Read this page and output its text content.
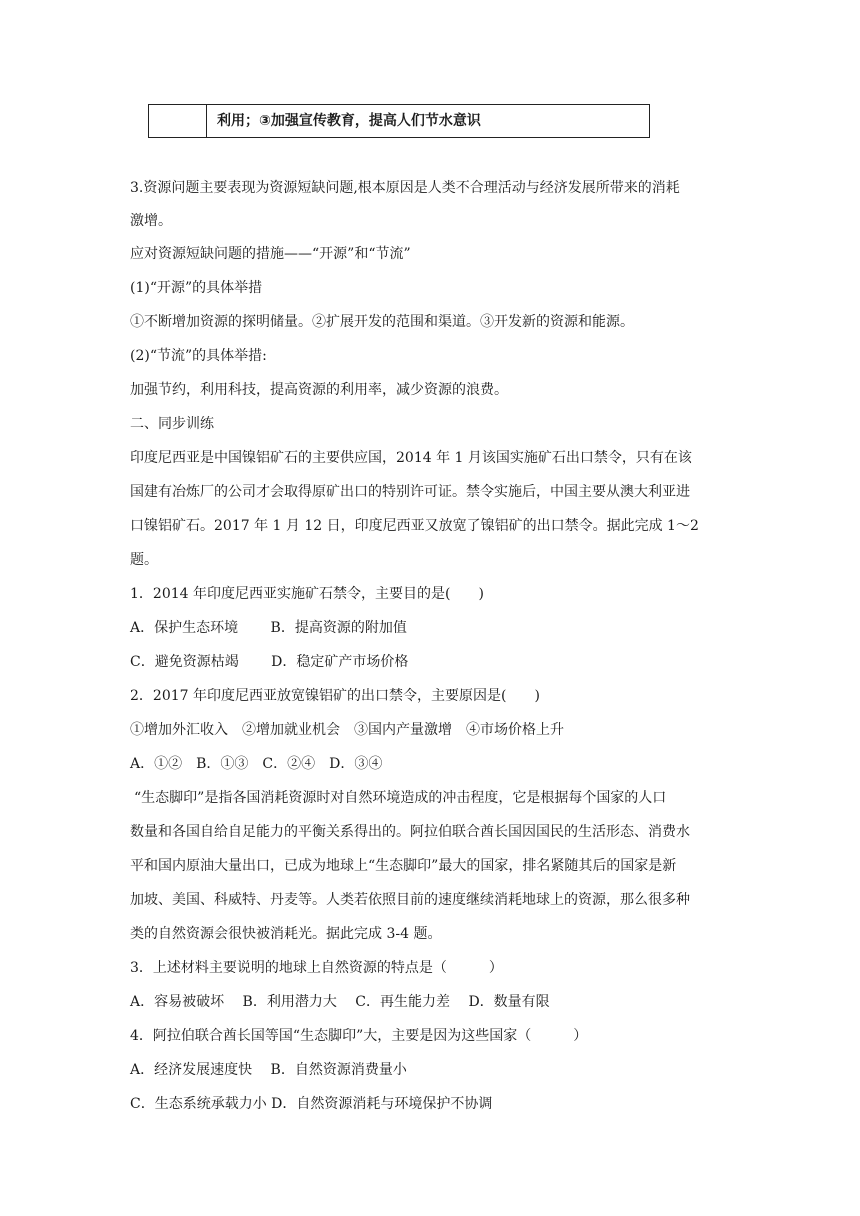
利用；③加强宣传教育，提高人们节水意识
3.资源问题主要表现为资源短缺问题,根本原因是人类不合理活动与经济发展所带来的消耗
激增。
应对资源短缺问题的措施——“开源”和“节流”
(1)“开源”的具体举措
①不断增加资源的探明储量。②扩展开发的范围和渠道。③开发新的资源和能源。
(2)“节流”的具体举措:
加强节约，利用科技，提高资源的利用率，减少资源的浪费。
二、同步训练
印度尼西亚是中国镍铝矿石的主要供应国，2014 年 1 月该国实施矿石出口禁令，只有在该
国建有冶炼厂的公司才会取得原矿出口的特别许可证。禁令实施后，中国主要从澳大利亚进
口镍铝矿石。2017 年 1 月 12 日，印度尼西亚又放宽了镍铝矿的出口禁令。据此完成 1～2
题。
1．2014 年印度尼西亚实施矿石禁令，主要目的是(　　)
A．保护生态环境　　 B．提高资源的附加值
C．避免资源枯竭　　 D．稳定矿产市场价格
2．2017 年印度尼西亚放宽镍铝矿的出口禁令，主要原因是(　　)
①增加外汇收入　②增加就业机会　③国内产量激增　④市场价格上升
A．①②　B．①③　C．②④　D．③④
“生态脚印”是指各国消耗资源时对自然环境造成的冲击程度，它是根据每个国家的人口
数量和各国自给自足能力的平衡关系得出的。阿拉伯联合酋长国因国民的生活形态、消费水
平和国内原油大量出口，已成为地球上“生态脚印”最大的国家，排名紧随其后的国家是新
加坡、美国、科威特、丹麦等。人类若依照目前的速度继续消耗地球上的资源，那么很多种
类的自然资源会很快被消耗光。据此完成 3-4 题。
3．上述材料主要说明的地球上自然资源的特点是（　　　）
A．容易被破坏　 B．利用潜力大　 C．再生能力差　 D．数量有限
4．阿拉伯联合酋长国等国“生态脚印”大，主要是因为这些国家（　　　）
A．经济发展速度快　 B．自然资源消费量小
C．生态系统承载力小 D．自然资源消耗与环境保护不协调
